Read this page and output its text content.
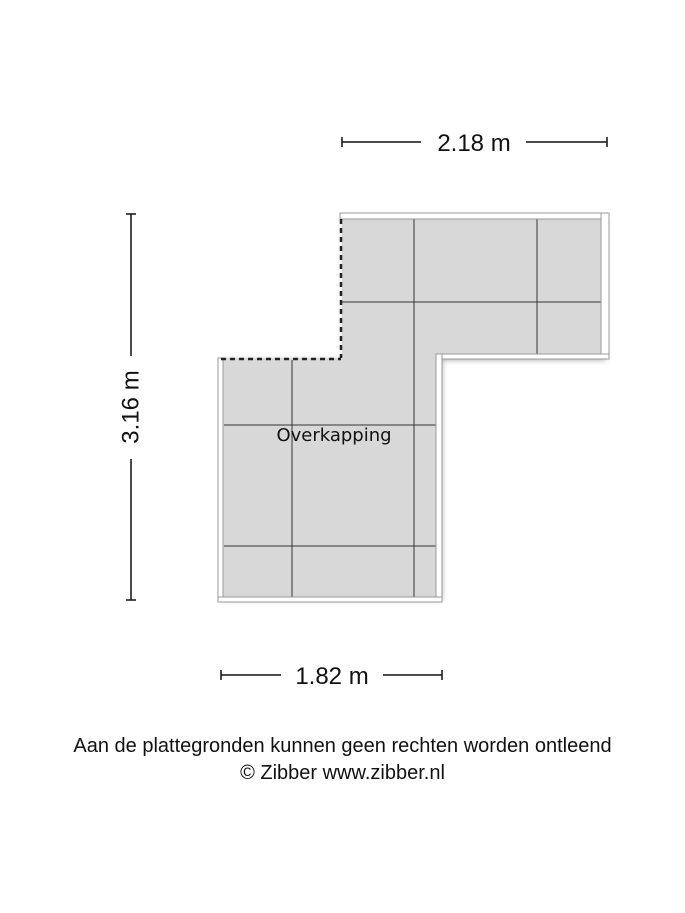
2.18 m
1.82 m
3.16 m	Overkapping
Aan de plattegronden kunnen geen rechten worden ontleend
© Zibber www.zibber.nl
